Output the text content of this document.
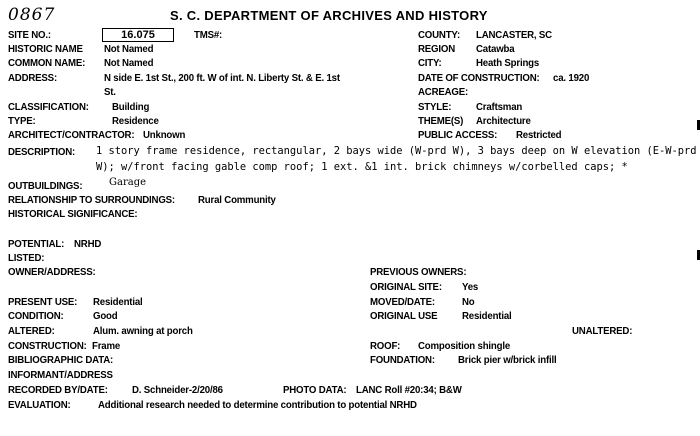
0867	S. C. DEPARTMENT OF ARCHIVES AND HISTORY
SITE NO.:	16.075	TMS#:
HISTORIC NAME Not Named
COMMON NAME: Not Named
ADDRESS:	N side E. 1st St., 200 ft. W of int. N. Liberty St. & E. 1st
St.
CLASSIFICATION: Building
TYPE:	Residence
ARCHITECT/CONTRACTOR: Unknown
COUNTY: LANCASTER, SC
REGION Catawba
CITY:	Heath Springs
DATE OF CONSTRUCTION: ca. 1920
ACREAGE:
STYLE: Craftsman
THEME(S) Architecture
PUBLIC ACCESS: Restricted
DESCRIPTION: 1 story frame residence, rectangular, 2 bays wide (W-prd W), 3 bays deep on W elevation (E-W-prd
W); w/front facing gable comp roof; 1 ext. &1 int. brick chimneys w/corbelled caps; *
OUTBUILDINGS:	Garage
RELATIONSHIP TO SURROUNDINGS: Rural Community
HISTORICAL SIGNIFICANCE:
POTENTIAL: NRHD
LISTED:
OWNER/ADDRESS:	PREVIOUS OWNERS:
ORIGINAL SITE: Yes
PRESENT USE: Residential	MOVED/DATE:	No
CONDITION:	Good	ORIGINAL USE Residential
ALTERED:	Alum. awning at porch	UNALTERED:
CONSTRUCTION: Frame	ROOF: Composition shingle
BIBLIOGRAPHIC DATA:	FOUNDATION: Brick pier w/brick infill
INFORMANT/ADDRESS
RECORDED BY/DATE: D. Schneider-2/20/86	PHOTO DATA: LANC Roll #20:34; B&W
EVALUATION:	Additional research needed to determine contribution to potential NRHD
